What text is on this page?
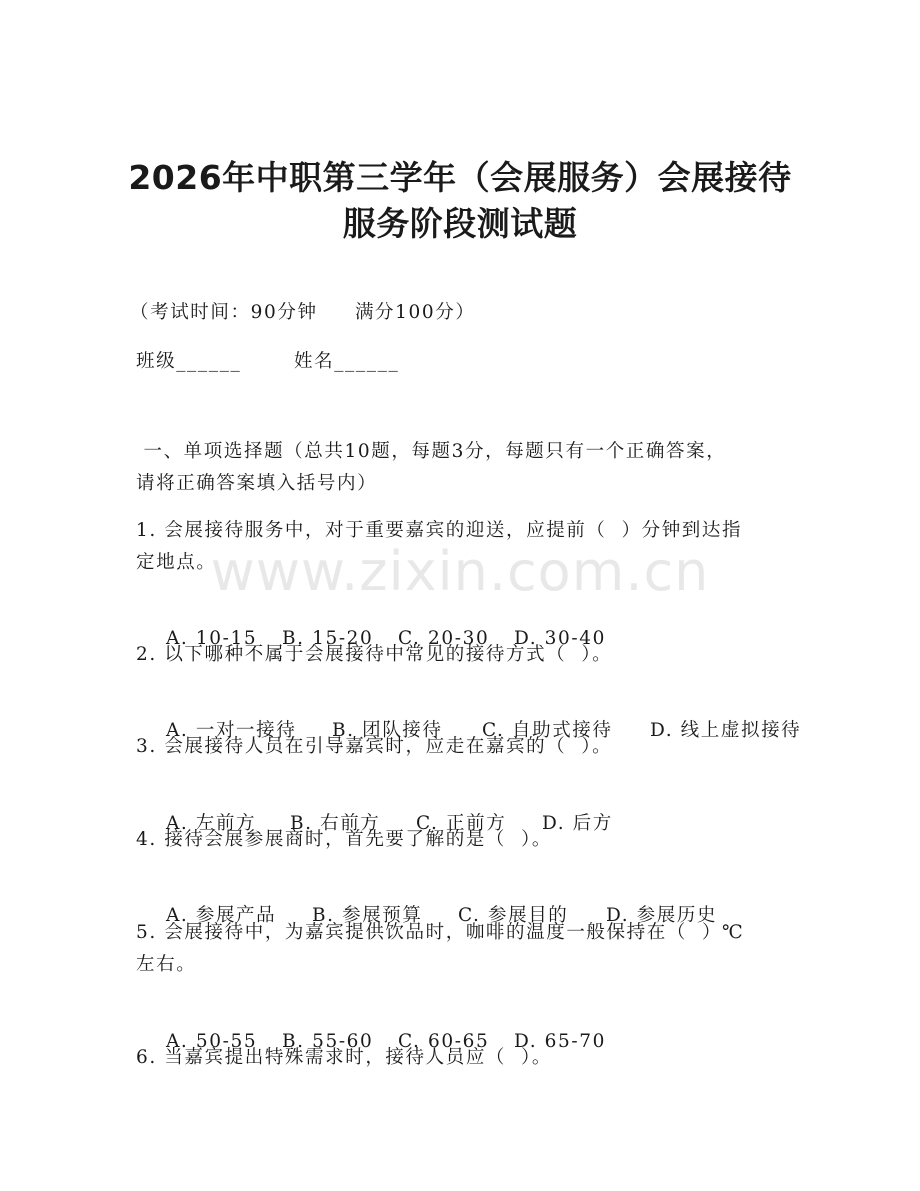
2026年中职第三学年（会展服务）会展接待
服务阶段测试题
（考试时间：90分钟     满分100分）
班级______	姓名______
一、单项选择题（总共10题，每题3分，每题只有一个正确答案，
请将正确答案填入括号内）
1. 会展接待服务中，对于重要嘉宾的迎送，应提前（  ）分钟到达指
定地点。

A. 10-15 B. 15-20 C. 20-30 D. 30-40

2. 以下哪种不属于会展接待中常见的接待方式（  ）。

A. 一对一接待 B. 团队接待 C. 自助式接待 D. 线上虚拟接待

3. 会展接待人员在引导嘉宾时，应走在嘉宾的（  ）。

A. 左前方 B. 右前方 C. 正前方 D. 后方

4. 接待会展参展商时，首先要了解的是（  ）。

A. 参展产品 B. 参展预算 C. 参展目的 D. 参展历史

5. 会展接待中，为嘉宾提供饮品时，咖啡的温度一般保持在（  ）℃
左右。

A. 50-55 B. 55-60 C. 60-65 D. 65-70

6. 当嘉宾提出特殊需求时，接待人员应（  ）。
www.zixin.com.cn
